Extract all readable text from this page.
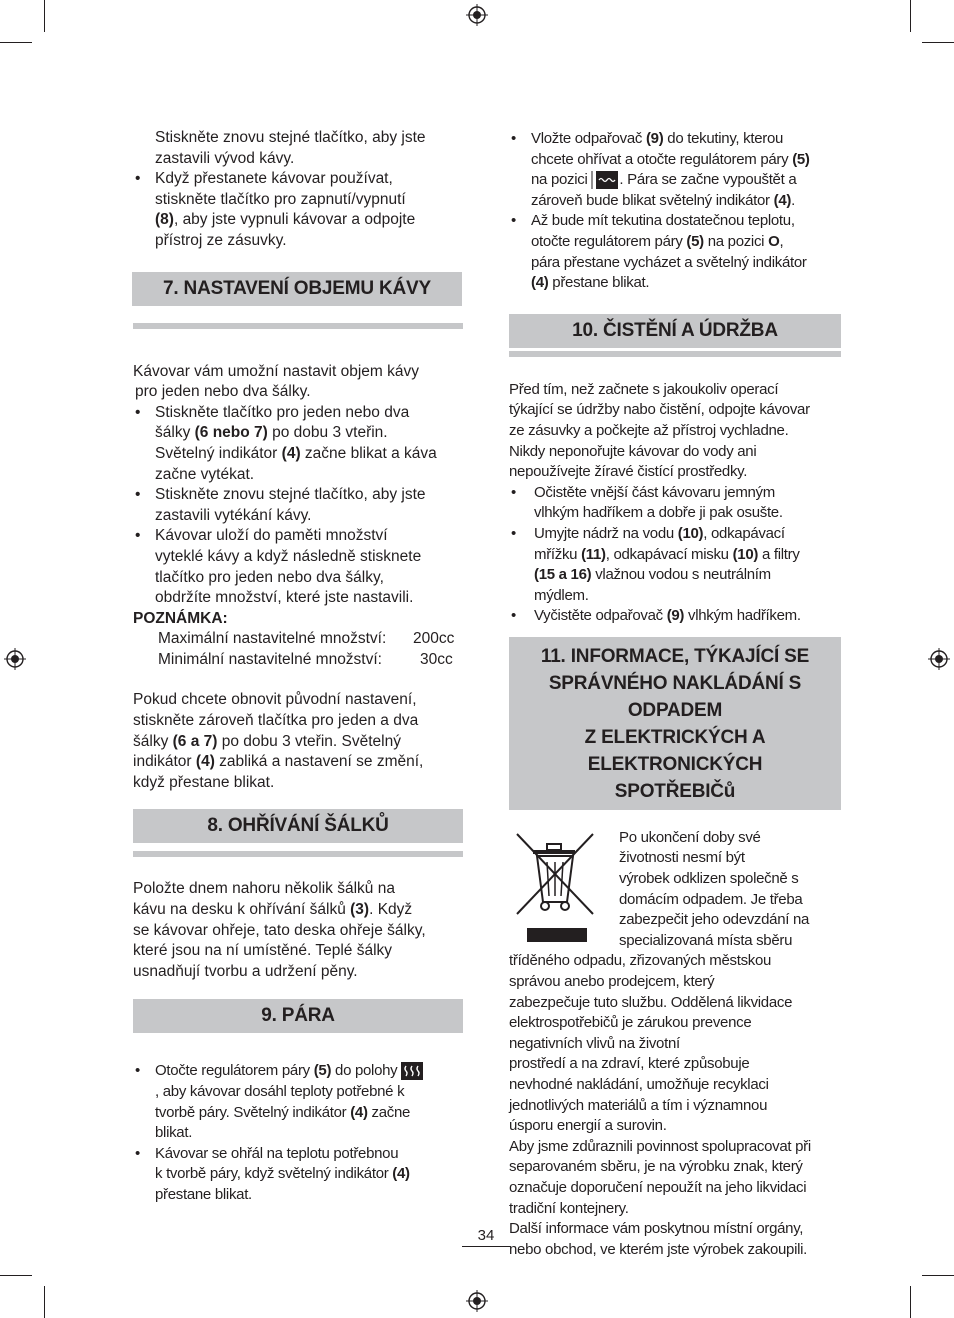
Stiskněte znovu stejné tlačítko, aby jste

zastavili vývod kávy.

• Když přestanete kávovar používat,
stiskněte tlačítko pro zapnutí/vypnutí
(8), aby jste vypnuli kávovar a odpojte
přístroj ze zásuvky.
7. NASTAVENÍ OBJEMU KÁVY

Kávovar vám umožní nastavit objem kávy

pro jeden nebo dva šálky.

• Stiskněte tlačítko pro jeden nebo dva
šálky (6 nebo 7) po dobu 3 vteřin.
Světelný indikátor (4) začne blikat a káva
začne vytékat.
• Stiskněte znovu stejné tlačítko, aby jste
zastavili vytékání kávy.
• Kávovar uloží do paměti množství
vyteklé kávy a když následně stisknete
tlačítko pro jeden nebo dva šálky,
obdržíte množství, které jste nastavili.

POZNÁMKA:

Maximální nastavitelné množství:	200cc
Minimální nastavitelné množství:	30cc

Pokud chcete obnovit původní nastavení,
stiskněte zároveň tlačítka pro jeden a dva
šálky (6 a 7) po dobu 3 vteřin. Světelný
indikátor (4) zabliká a nastavení se změní,
když přestane blikat.

8. OHŘÍVÁNÍ ŠÁLKŮ

Položte dnem nahoru několik šálků na
kávu na desku k ohřívání šálků (3). Když
se kávovar ohřeje, tato deska ohřeje šálky,
které jsou na ní umístěné. Teplé šálky
usnadňují tvorbu a udržení pěny.

9. PÁRA
• Otočte regulátorem páry (5) do polohy
, aby kávovar dosáhl teploty potřebné k
tvorbě páry. Světelný indikátor (4) začne
blikat.
• Kávovar se ohřál na teplotu potřebnou
k tvorbě páry, když světelný indikátor (4)
přestane blikat.
• Vložte odpařovač (9) do tekutiny, kterou
chcete ohřívat a otočte regulátorem páry (5)
na pozici . Pára se začne vypouštět a
zároveň bude blikat světelný indikátor (4).
• Až bude mít tekutina dostatečnou teplotu,
otočte regulátorem páry (5) na pozici O,
pára přestane vycházet a světelný indikátor
(4) přestane blikat.
10. ČISTĚNÍ A ÚDRŽBA

Před tím, než začnete s jakoukoliv operací
týkající se údržby nabo čistění, odpojte kávovar
ze zásuvky a počkejte až přístroj vychladne.
Nikdy neponořujte kávovar do vody ani
nepoužívejte žíravé čistící prostředky.

• Očistěte vnější část kávovaru jemným
vlhkým hadříkem a dobře ji pak osušte.
• Umyjte nádrž na vodu (10), odkapávací
mřížku (11), odkapávací misku (10) a filtry
(15 a 16) vlažnou vodou s neutrálním
mýdlem.
• Vyčistěte odpařovač (9) vlhkým hadříkem.
11. INFORMACE, TÝKAJÍCÍ SE
SPRÁVNÉHO NAKLÁDÁNÍ S ODPADEM
Z ELEKTRICKÝCH A ELEKTRONICKÝCH
SPOTŘEBIČů

Po ukončení doby své
životnosti nesmí být
výrobek odklizen společně s
domácím odpadem. Je třeba
zabezpečit jeho odevzdání na
specializovaná místa sběru

tříděného odpadu, zřizovaných městskou
správou anebo prodejcem, který
zabezpečuje tuto službu. Oddělená likvidace
elektrospotřebičů je zárukou prevence
negativních vlivů na životní
prostředí a na zdraví, které způsobuje
nevhodné nakládání, umožňuje recyklaci
jednotlivých materiálů a tím i významnou
úsporu energií a surovin.
Aby jsme zdůraznili povinnost spolupracovat při
separovaném sběru, je na výrobku znak, který
označuje doporučení nepoužít na jeho likvidaci
tradiční kontejnery.
Další informace vám poskytnou místní orgány,
nebo obchod, ve kterém jste výrobek zakoupili.

34
